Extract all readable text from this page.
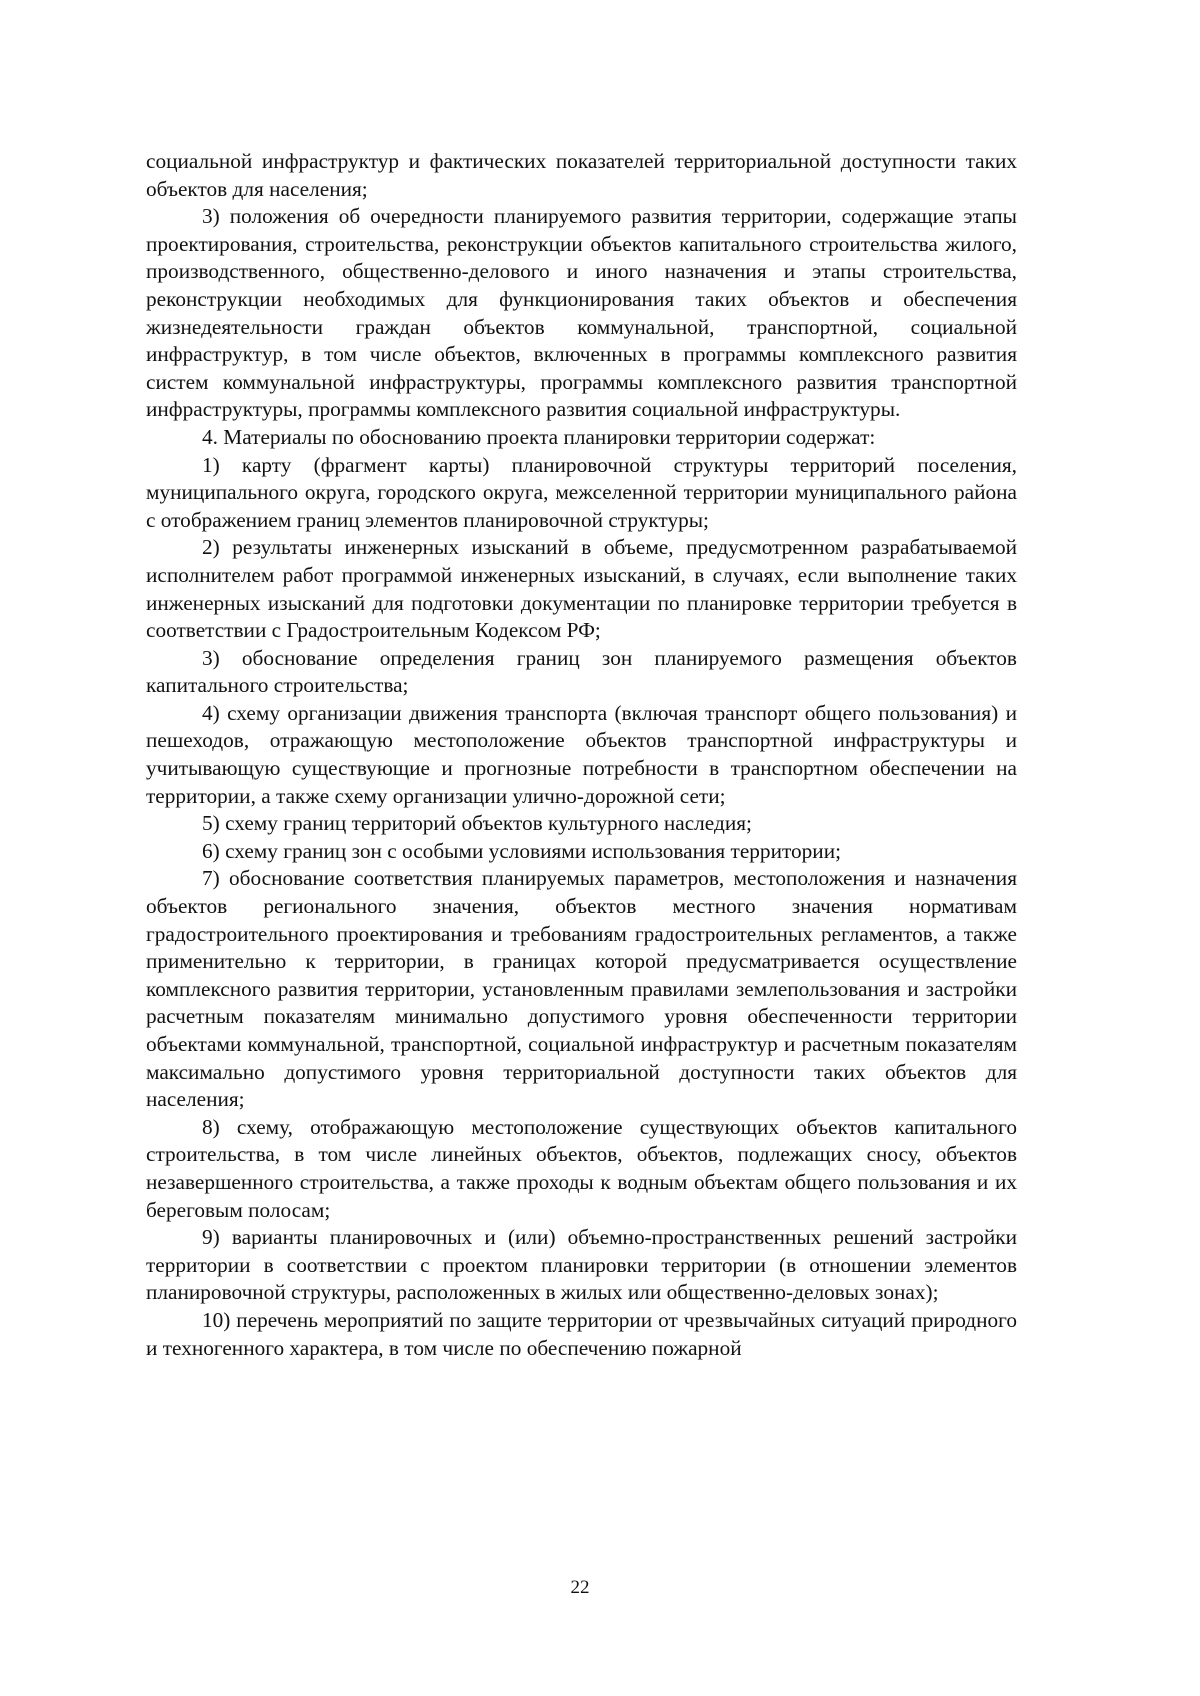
социальной инфраструктур и фактических показателей территориальной доступности таких объектов для населения;

3) положения об очередности планируемого развития территории, содержащие этапы проектирования, строительства, реконструкции объектов капитального строительства жилого, производственного, общественно-делового и иного назначения и этапы строительства, реконструкции необходимых для функционирования таких объектов и обеспечения жизнедеятельности граждан объектов коммунальной, транспортной, социальной инфраструктур, в том числе объектов, включенных в программы комплексного развития систем коммунальной инфраструктуры, программы комплексного развития транспортной инфраструктуры, программы комплексного развития социальной инфраструктуры.

4. Материалы по обоснованию проекта планировки территории содержат:

1) карту (фрагмент карты) планировочной структуры территорий поселения, муниципального округа, городского округа, межселенной территории муниципального района с отображением границ элементов планировочной структуры;

2) результаты инженерных изысканий в объеме, предусмотренном разрабатываемой исполнителем работ программой инженерных изысканий, в случаях, если выполнение таких инженерных изысканий для подготовки документации по планировке территории требуется в соответствии с Градостроительным Кодексом РФ;

3) обоснование определения границ зон планируемого размещения объектов капитального строительства;

4) схему организации движения транспорта (включая транспорт общего пользования) и пешеходов, отражающую местоположение объектов транспортной инфраструктуры и учитывающую существующие и прогнозные потребности в транспортном обеспечении на территории, а также схему организации улично-дорожной сети;

5) схему границ территорий объектов культурного наследия;

6) схему границ зон с особыми условиями использования территории;

7) обоснование соответствия планируемых параметров, местоположения и назначения объектов регионального значения, объектов местного значения нормативам градостроительного проектирования и требованиям градостроительных регламентов, а также применительно к территории, в границах которой предусматривается осуществление комплексного развития территории, установленным правилами землепользования и застройки расчетным показателям минимально допустимого уровня обеспеченности территории объектами коммунальной, транспортной, социальной инфраструктур и расчетным показателям максимально допустимого уровня территориальной доступности таких объектов для населения;

8) схему, отображающую местоположение существующих объектов капитального строительства, в том числе линейных объектов, объектов, подлежащих сносу, объектов незавершенного строительства, а также проходы к водным объектам общего пользования и их береговым полосам;

9) варианты планировочных и (или) объемно-пространственных решений застройки территории в соответствии с проектом планировки территории (в отношении элементов планировочной структуры, расположенных в жилых или общественно-деловых зонах);

10) перечень мероприятий по защите территории от чрезвычайных ситуаций природного и техногенного характера, в том числе по обеспечению пожарной

22
